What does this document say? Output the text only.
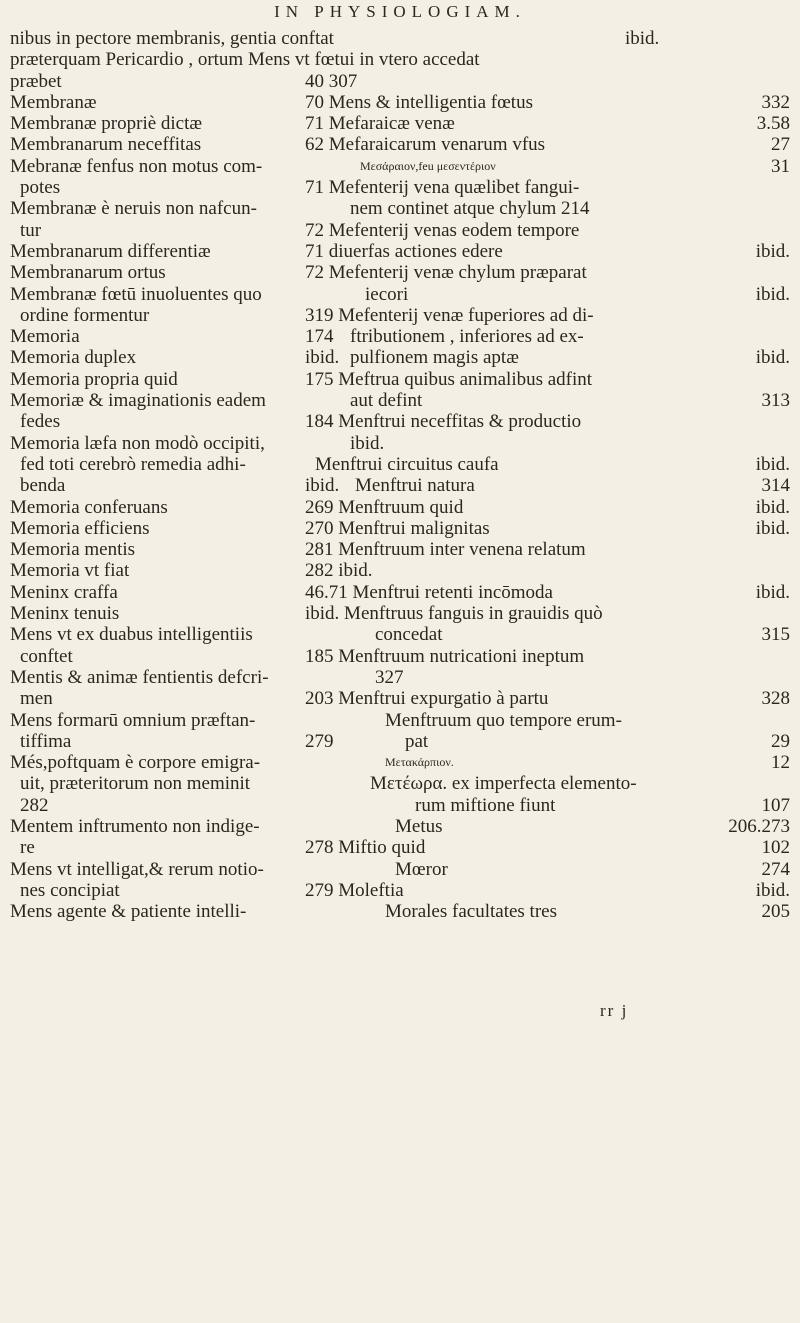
IN PHYSIOLOGIAM.
nibus in pectore membranis, gentia conftat	ibid.
præterquam Pericardio , ortum Mens vt fœtui in vtero accedat
præbet	40 307
Membranæ	70 Mens & intelligentia fœtus	332
Membranæ propriè dictæ	71 Mefaraicæ venæ	3.58
Membranarum neceffitas	62 Mefaraicarum venarum vfus	27
Mebranæ fenfus non motus com-	Μεσάραιον,feu μεσεντέριον	31
potes	71 Mefenterij vena quælibet fangui-
Membranæ è neruis non nafcun-	nem continet atque chylum 214
tur	72 Mefenterij venas eodem tempore
Membranarum differentiæ	71 diuerfas actiones edere	ibid.
Membranarum ortus	72 Mefenterij venæ chylum præparat
Membranæ fœtū inuoluentes quo	iecori	ibid.
ordine formentur	319 Mefenterij venæ fuperiores ad di-
Memoria	174 ftributionem , inferiores ad ex-
Memoria duplex	ibid. pulfionem magis aptæ	ibid.
Memoria propria quid	175 Meftrua quibus animalibus adfint
Memoriæ & imaginationis eadem	aut defint	313
fedes	184 Menftrui neceffitas & productio
Memoria læfa non modò occipiti,	ibid.
fed toti cerebrò remedia adhi-	Menftrui circuitus caufa	ibid.
benda	ibid. Menftrui natura	314
Memoria conferuans	269 Menftruum quid	ibid.
Memoria efficiens	270 Menftrui malignitas	ibid.
Memoria mentis	281 Menftruum inter venena relatum
Memoria vt fiat	282 ibid.
Meninx craffa	46.71 Menftrui retenti incōmoda	ibid.
Meninx tenuis	ibid. Menftruus fanguis in grauidis quò
Mens vt ex duabus intelligentiis	concedat	315
conftet	185 Menftruum nutricationi ineptum
Mentis & animæ fentientis defcri-	327
men	203 Menftrui expurgatio à partu	328
Mens formarū omnium præftan-	Menftruum quo tempore erum-
tiffima	279	pat	29
Més,poftquam è corpore emigra-	Μετακάρπιον.	12
uit, præteritorum non meminit	Μετέωρα. ex imperfecta elemento-
282	rum miftione fiunt	107
Mentem inftrumento non indige-	Metus	206.273
re	278 Miftio quid	102
Mens vt intelligat,& rerum notio-	Mœror	274
nes concipiat	279 Moleftia	ibid.
Mens agente & patiente intelli-	Morales facultates tres	205
rr j
